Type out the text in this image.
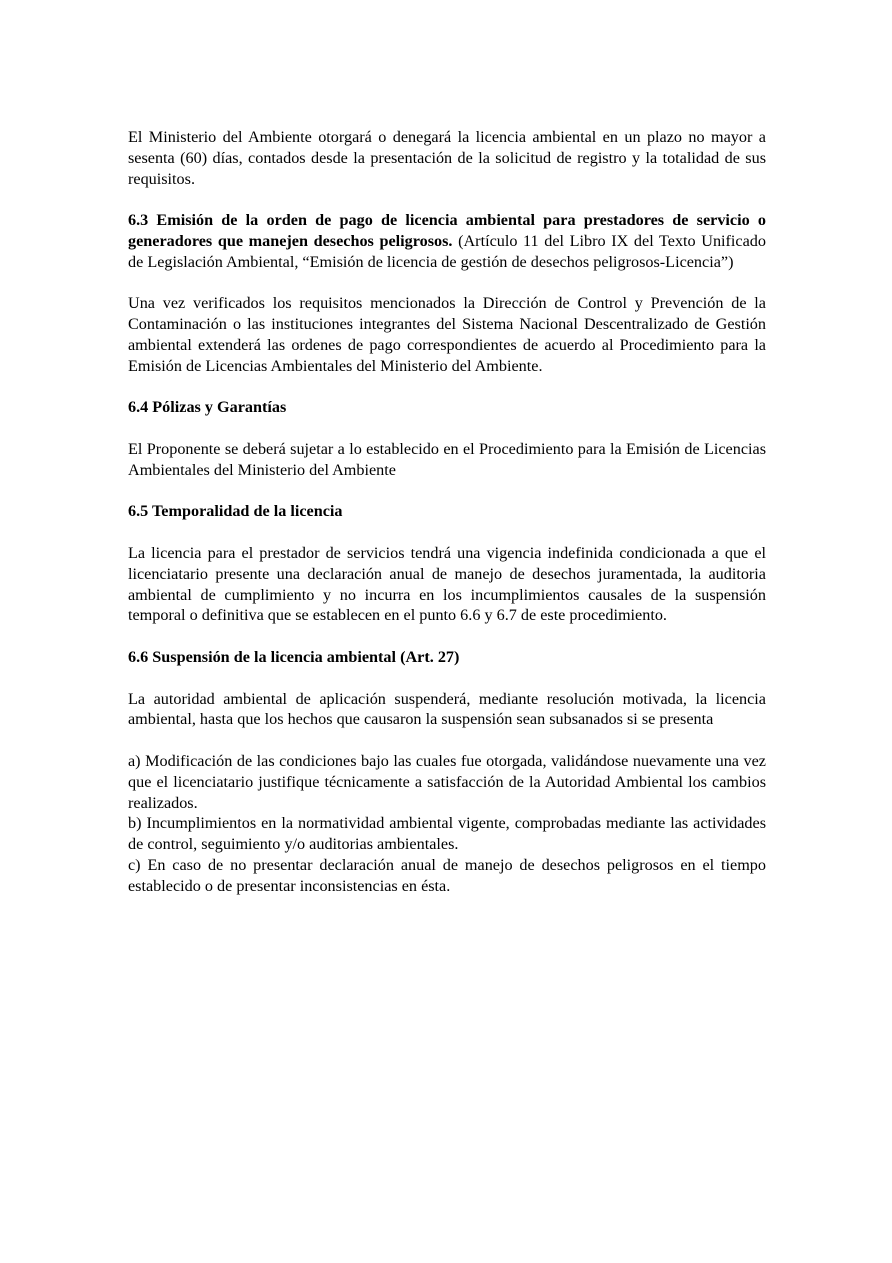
El Ministerio del Ambiente otorgará o denegará la licencia ambiental en un plazo no mayor a sesenta (60) días, contados desde la presentación de la solicitud de registro y la totalidad de sus requisitos.

6.3 Emisión de la orden de pago de licencia ambiental para prestadores de servicio o generadores que manejen desechos peligrosos. (Artículo 11 del Libro IX del Texto Unificado de Legislación Ambiental, “Emisión de licencia de gestión de desechos peligrosos-Licencia”)

Una vez verificados los requisitos mencionados la Dirección de Control y Prevención de la Contaminación o las instituciones integrantes del Sistema Nacional Descentralizado de Gestión ambiental extenderá las ordenes de pago correspondientes de acuerdo al Procedimiento para la Emisión de Licencias Ambientales del Ministerio del Ambiente.

6.4 Pólizas y Garantías

El Proponente se deberá sujetar a lo establecido en el Procedimiento para la Emisión de Licencias Ambientales del Ministerio del Ambiente

6.5 Temporalidad de la licencia

La licencia para el prestador de servicios tendrá una vigencia indefinida condicionada a que el licenciatario presente una declaración anual de manejo de desechos juramentada, la auditoria ambiental de cumplimiento y no incurra en los incumplimientos causales de la suspensión temporal o definitiva que se establecen en el punto 6.6 y 6.7 de este procedimiento.

6.6 Suspensión de la licencia ambiental (Art. 27)

La autoridad ambiental de aplicación suspenderá, mediante resolución motivada, la licencia ambiental, hasta que los hechos que causaron la suspensión sean subsanados si se presenta

a) Modificación de las condiciones bajo las cuales fue otorgada, validándose nuevamente una vez que el licenciatario justifique técnicamente a satisfacción de la Autoridad Ambiental los cambios realizados.

b) Incumplimientos en la normatividad ambiental vigente, comprobadas mediante las actividades de control, seguimiento y/o auditorias ambientales.

c) En caso de no presentar declaración anual de manejo de desechos peligrosos en el tiempo establecido o de presentar inconsistencias en ésta.
